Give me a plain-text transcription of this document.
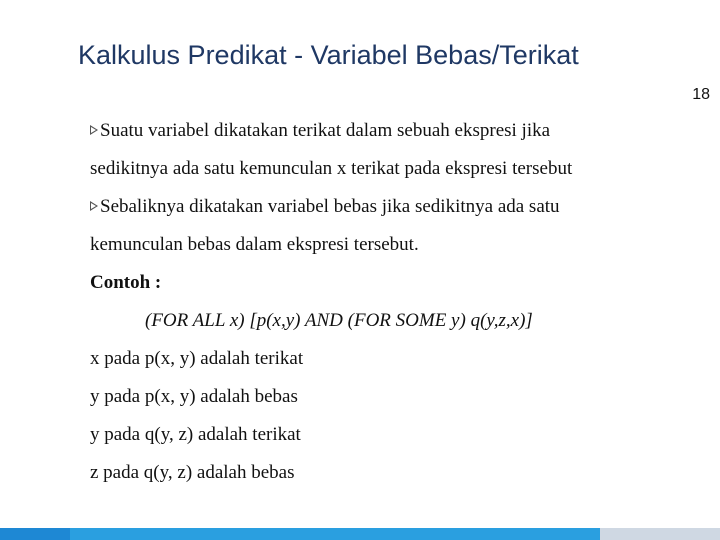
Kalkulus Predikat - Variabel Bebas/Terikat
18
Suatu variabel dikatakan terikat dalam sebuah ekspresi jika
sedikitnya ada satu kemunculan x terikat pada ekspresi tersebut
Sebaliknya dikatakan variabel bebas jika sedikitnya ada satu
kemunculan bebas dalam ekspresi tersebut.
Contoh :
(FOR ALL x) [p(x,y) AND (FOR SOME y) q(y,z,x)]
x pada p(x, y) adalah terikat
y pada p(x, y) adalah bebas
y pada q(y, z) adalah terikat
z pada q(y, z) adalah bebas
